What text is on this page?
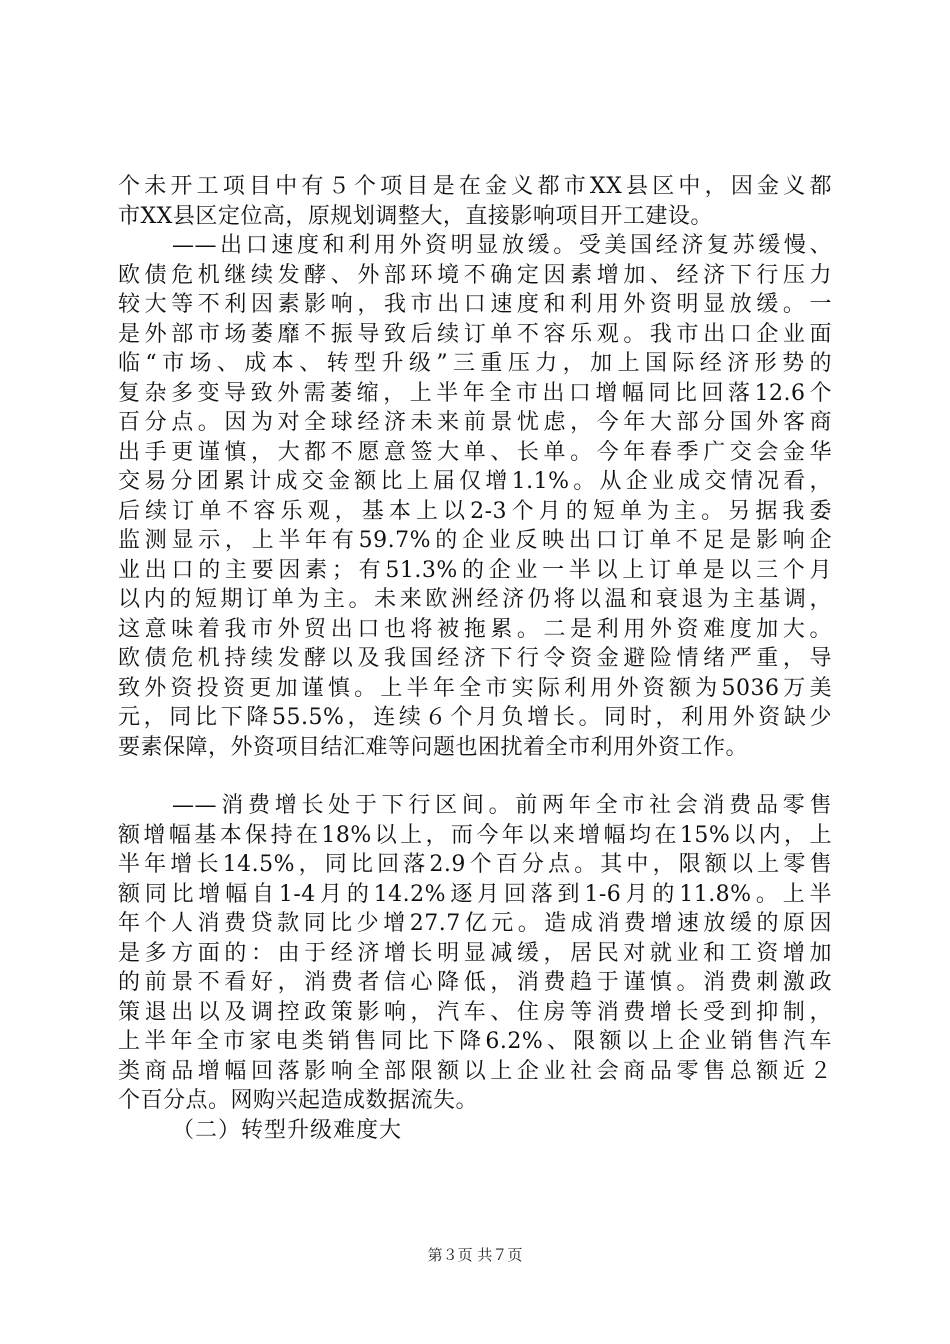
个未开工项目中有５个项目是在金义都市XX县区中，因金义都
市XX县区定位高，原规划调整大，直接影响项目开工建设。
——出口速度和利用外资明显放缓。受美国经济复苏缓慢、
欧债危机继续发酵、外部环境不确定因素增加、经济下行压力
较大等不利因素影响，我市出口速度和利用外资明显放缓。一
是外部市场萎靡不振导致后续订单不容乐观。我市出口企业面
临“市场、成本、转型升级”三重压力，加上国际经济形势的
复杂多变导致外需萎缩，上半年全市出口增幅同比回落12.6个
百分点。因为对全球经济未来前景忧虑，今年大部分国外客商
出手更谨慎，大都不愿意签大单、长单。今年春季广交会金华
交易分团累计成交金额比上届仅增1.1%。从企业成交情况看，
后续订单不容乐观，基本上以2-3个月的短单为主。另据我委
监测显示，上半年有59.7%的企业反映出口订单不足是影响企
业出口的主要因素；有51.3%的企业一半以上订单是以三个月
以内的短期订单为主。未来欧洲经济仍将以温和衰退为主基调，
这意味着我市外贸出口也将被拖累。二是利用外资难度加大。
欧债危机持续发酵以及我国经济下行令资金避险情绪严重，导
致外资投资更加谨慎。上半年全市实际利用外资额为5036万美
元，同比下降55.5%，连续６个月负增长。同时，利用外资缺少
要素保障，外资项目结汇难等问题也困扰着全市利用外资工作。
——消费增长处于下行区间。前两年全市社会消费品零售
额增幅基本保持在18%以上，而今年以来增幅均在15%以内，上
半年增长14.5%，同比回落2.9个百分点。其中，限额以上零售
额同比增幅自1-4月的14.2%逐月回落到1-6月的11.8%。上半
年个人消费贷款同比少增27.7亿元。造成消费增速放缓的原因
是多方面的：由于经济增长明显减缓，居民对就业和工资增加
的前景不看好，消费者信心降低，消费趋于谨慎。消费刺激政
策退出以及调控政策影响，汽车、住房等消费增长受到抑制，
上半年全市家电类销售同比下降6.2%、限额以上企业销售汽车
类商品增幅回落影响全部限额以上企业社会商品零售总额近２
个百分点。网购兴起造成数据流失。
（二）转型升级难度大
第３页 共７页
